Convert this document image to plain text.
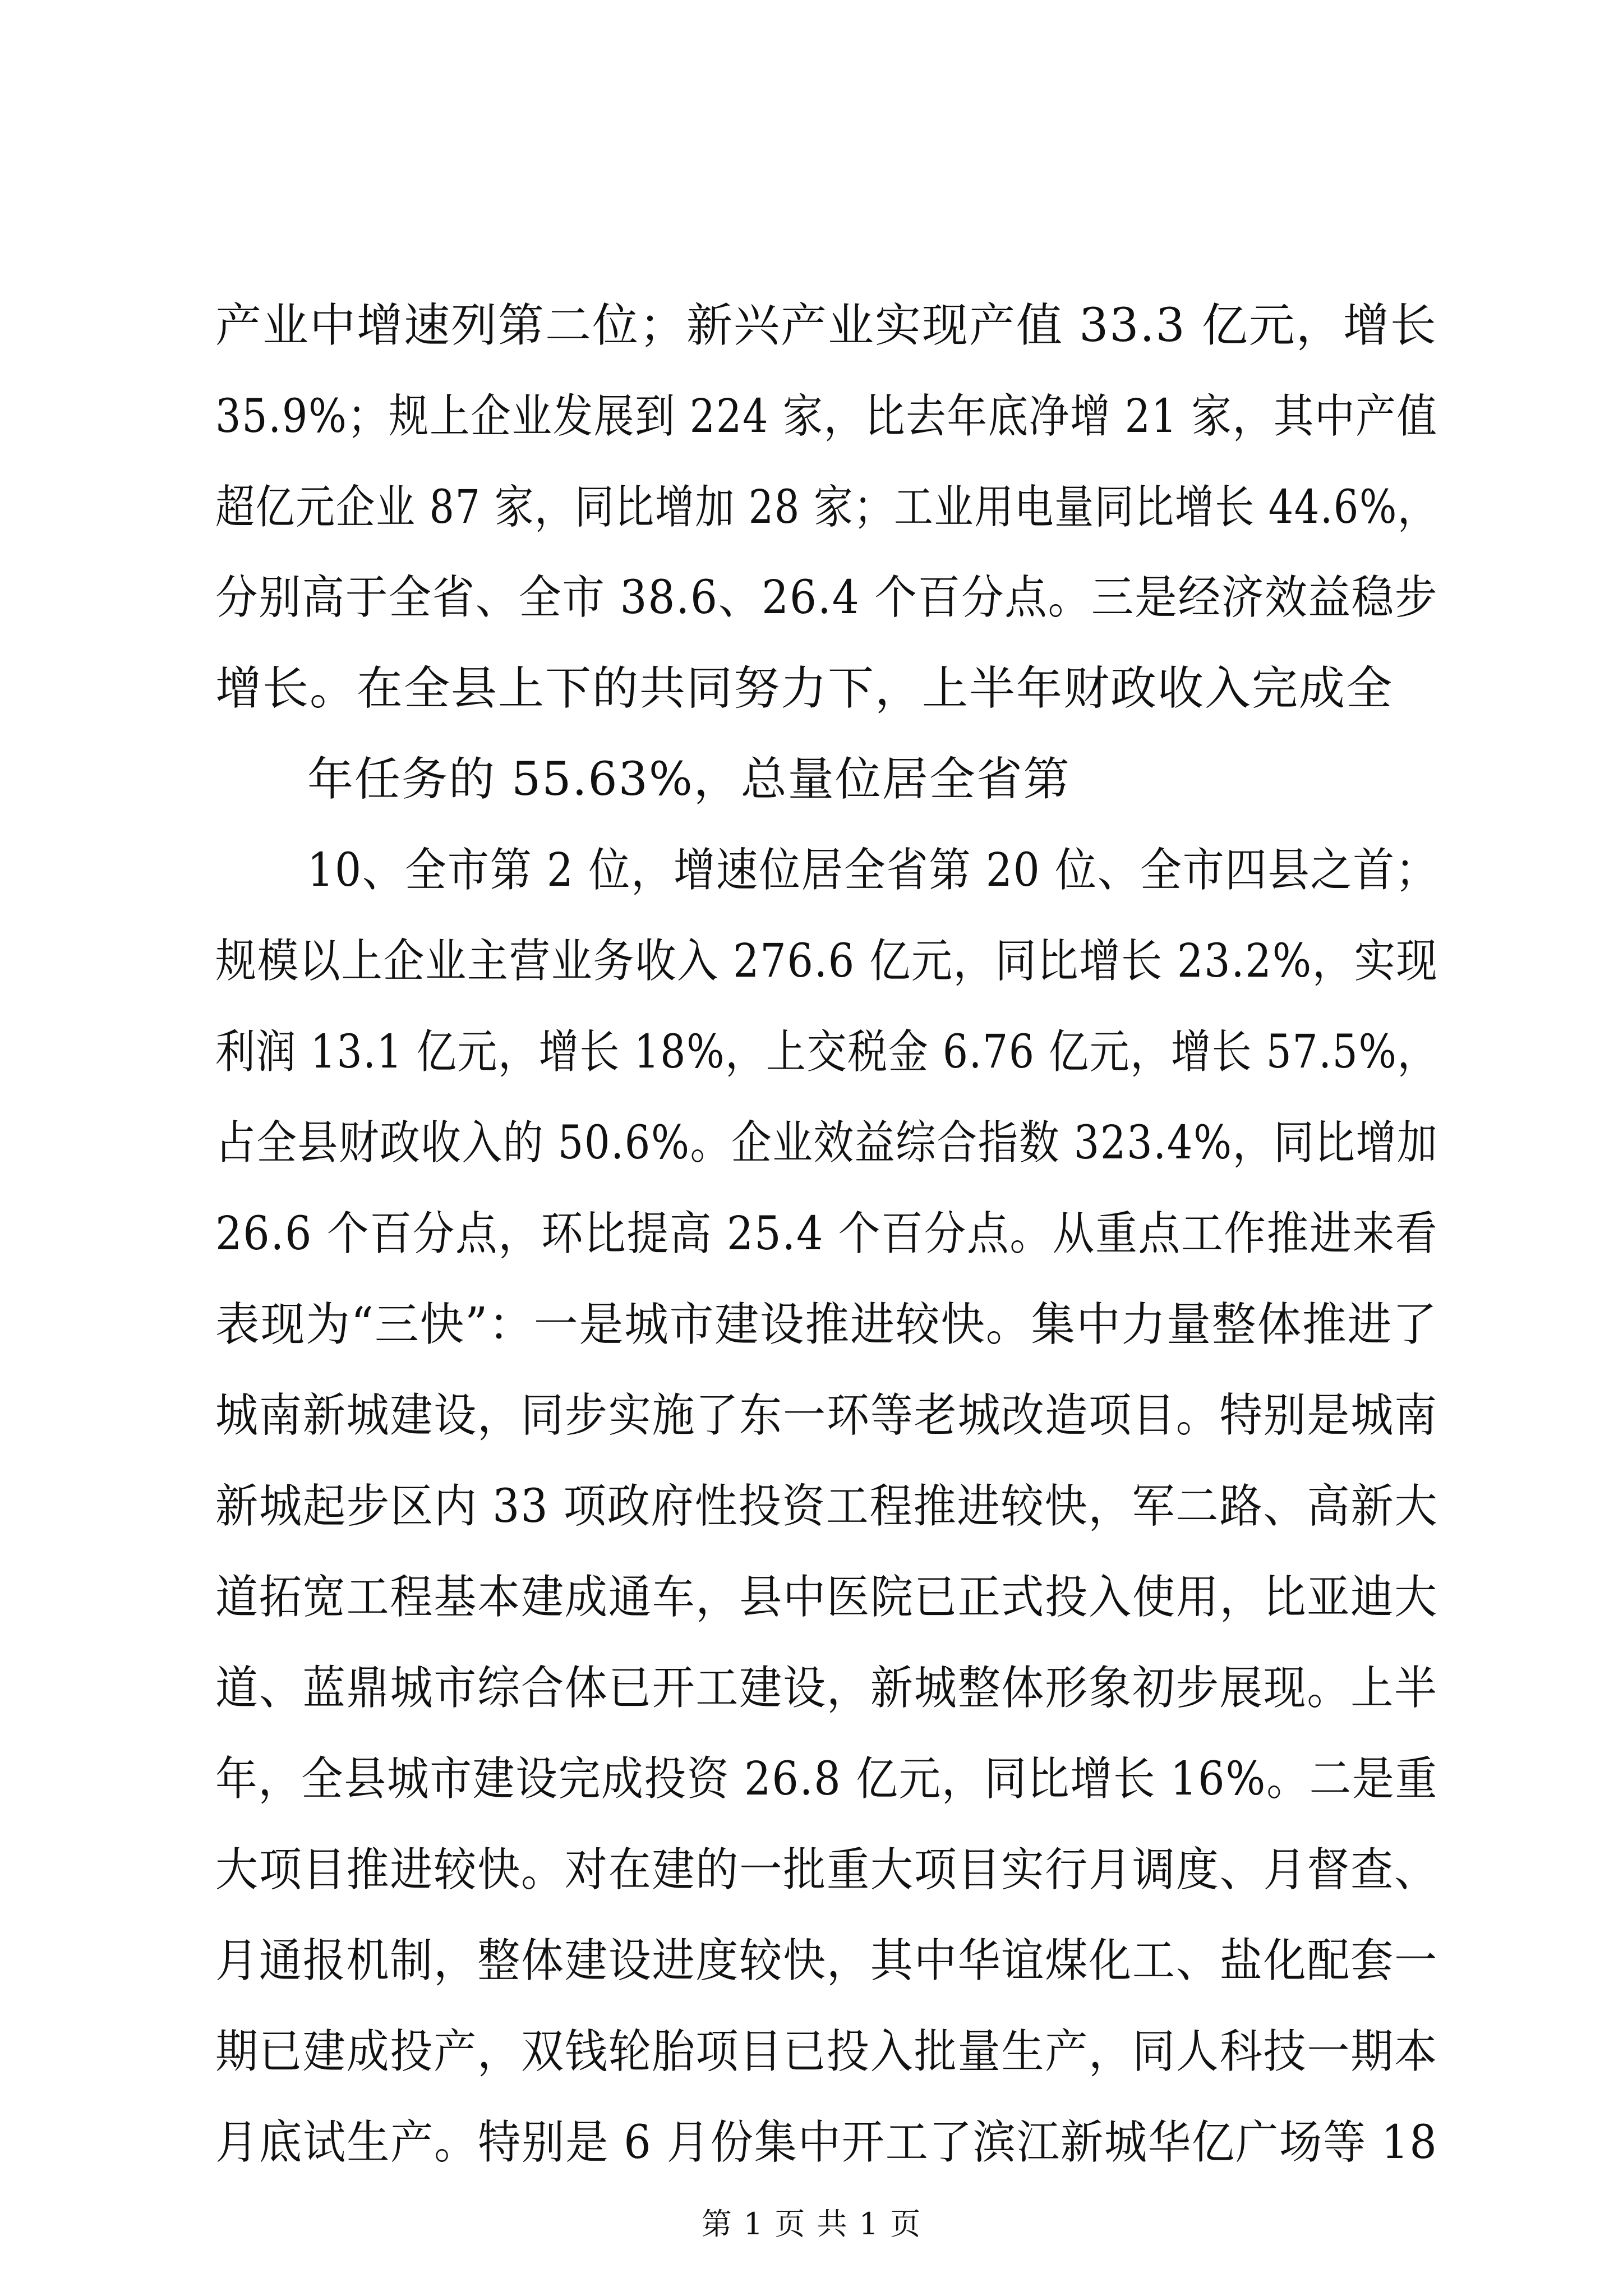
产业中增速列第二位；新兴产业实现产值 33.3 亿元，增长
35.9%；规上企业发展到 224 家，比去年底净增 21 家，其中产值
超亿元企业 87 家，同比增加 28 家；工业用电量同比增长 44.6%，
分别高于全省、全市 38.6、26.4 个百分点。三是经济效益稳步
增长。在全县上下的共同努力下，上半年财政收入完成全
年任务的 55.63%，总量位居全省第
10、全市第 2 位，增速位居全省第 20 位、全市四县之首；
规模以上企业主营业务收入 276.6 亿元，同比增长 23.2%，实现
利润 13.1 亿元，增长 18%，上交税金 6.76 亿元，增长 57.5%，
占全县财政收入的 50.6%。企业效益综合指数 323.4%，同比增加
26.6 个百分点，环比提高 25.4 个百分点。从重点工作推进来看
表现为“三快”：一是城市建设推进较快。集中力量整体推进了
城南新城建设，同步实施了东一环等老城改造项目。特别是城南
新城起步区内 33 项政府性投资工程推进较快，军二路、高新大
道拓宽工程基本建成通车，县中医院已正式投入使用，比亚迪大
道、蓝鼎城市综合体已开工建设，新城整体形象初步展现。上半
年，全县城市建设完成投资 26.8 亿元，同比增长 16%。二是重
大项目推进较快。对在建的一批重大项目实行月调度、月督查、
月通报机制，整体建设进度较快，其中华谊煤化工、盐化配套一
期已建成投产，双钱轮胎项目已投入批量生产，同人科技一期本
月底试生产。特别是 6 月份集中开工了滨江新城华亿广场等 18
第 1 页 共 1 页
